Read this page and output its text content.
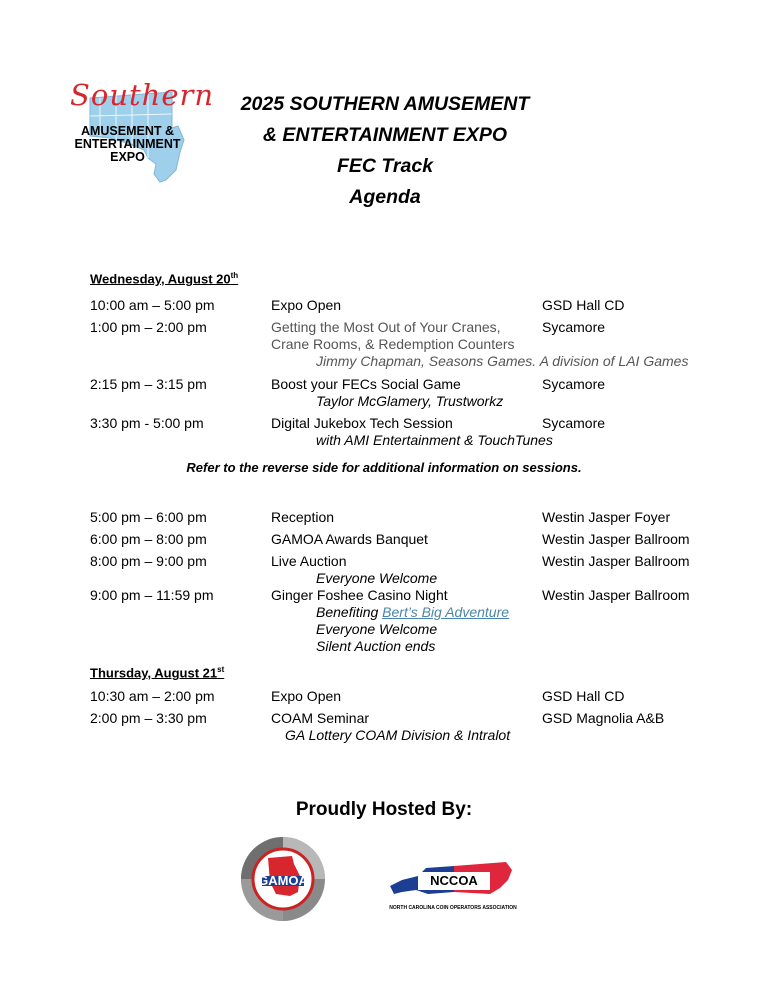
Southern
AMUSEMENT &
ENTERTAINMENT
EXPO
2025 SOUTHERN AMUSEMENT
& ENTERTAINMENT EXPO
FEC Track
Agenda
Wednesday, August 20th
10:00 am – 5:00 pm	Expo Open	GSD Hall CD
1:00 pm – 2:00 pm	Getting the Most Out of Your Cranes,	Sycamore
Crane Rooms, & Redemption Counters
Jimmy Chapman, Seasons Games. A division of LAI Games
2:15 pm – 3:15 pm	Boost your FECs Social Game	Sycamore
Taylor McGlamery, Trustworkz
3:30 pm - 5:00 pm	Digital Jukebox Tech Session	Sycamore
with AMI Entertainment & TouchTunes
Refer to the reverse side for additional information on sessions.
5:00 pm – 6:00 pm	Reception	Westin Jasper Foyer
6:00 pm – 8:00 pm	GAMOA Awards Banquet	Westin Jasper Ballroom
8:00 pm – 9:00 pm	Live Auction	Westin Jasper Ballroom
Everyone Welcome
9:00 pm – 11:59 pm	Ginger Foshee Casino Night	Westin Jasper Ballroom
Benefiting Bert’s Big Adventure
Everyone Welcome
Silent Auction ends
Thursday, August 21st
10:30 am – 2:00 pm	Expo Open	GSD Hall CD
2:00 pm – 3:30 pm	COAM Seminar	GSD Magnolia A&B
GA Lottery COAM Division & Intralot
Proudly Hosted By:
GAMOA	NCCOA
NORTH CAROLINA COIN OPERATORS ASSOCIATION
